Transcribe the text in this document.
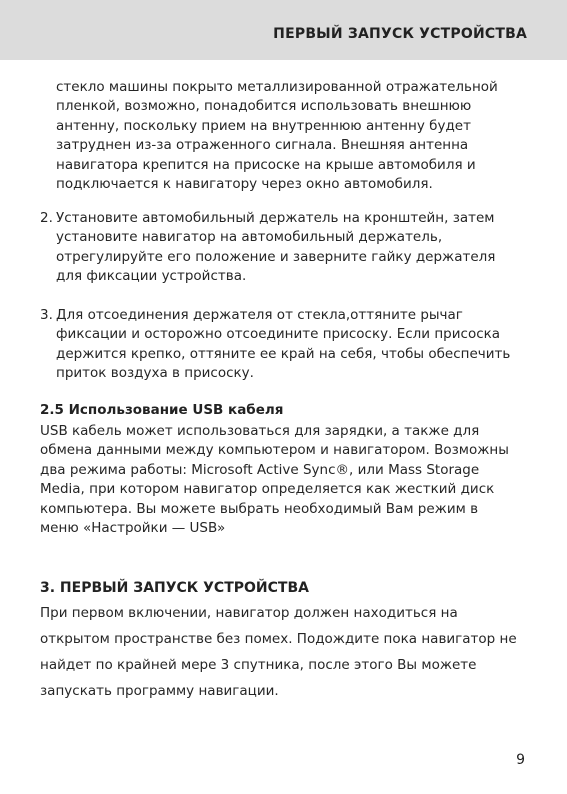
ПЕРВЫЙ ЗАПУСК УСТРОЙСТВА
стекло машины покрыто металлизированной отражательной
пленкой, возможно, понадобится использовать внешнюю
антенну, поскольку прием на внутреннюю антенну будет
затруднен из-за отраженного сигнала. Внешняя антенна
навигатора крепится на присоске на крыше автомобиля и
подключается к навигатору через окно автомобиля.
2. Установите автомобильный держатель на кронштейн, затем
установите навигатор на автомобильный держатель,
отрегулируйте его положение и заверните гайку держателя
для фиксации устройства.
3. Для отсоединения держателя от стекла,оттяните рычаг
фиксации и осторожно отсоедините присоску. Если присоска
держится крепко, оттяните ее край на себя, чтобы обеспечить
приток воздуха в присоску.
2.5 Использование USB кабеля
USB кабель может использоваться для зарядки, а также для
обмена данными между компьютером и навигатором. Возможны
два режима работы: Microsoft Active Sync®, или Mass Storage
Media, при котором навигатор определяется как жесткий диск
компьютера. Вы можете выбрать необходимый Вам режим в
меню «Настройки — USB»
3. ПЕРВЫЙ ЗАПУСК УСТРОЙСТВА
При первом включении, навигатор должен находиться на
открытом пространстве без помех. Подождите пока навигатор не
найдет по крайней мере 3 спутника, после этого Вы можете
запускать программу навигации.
9
